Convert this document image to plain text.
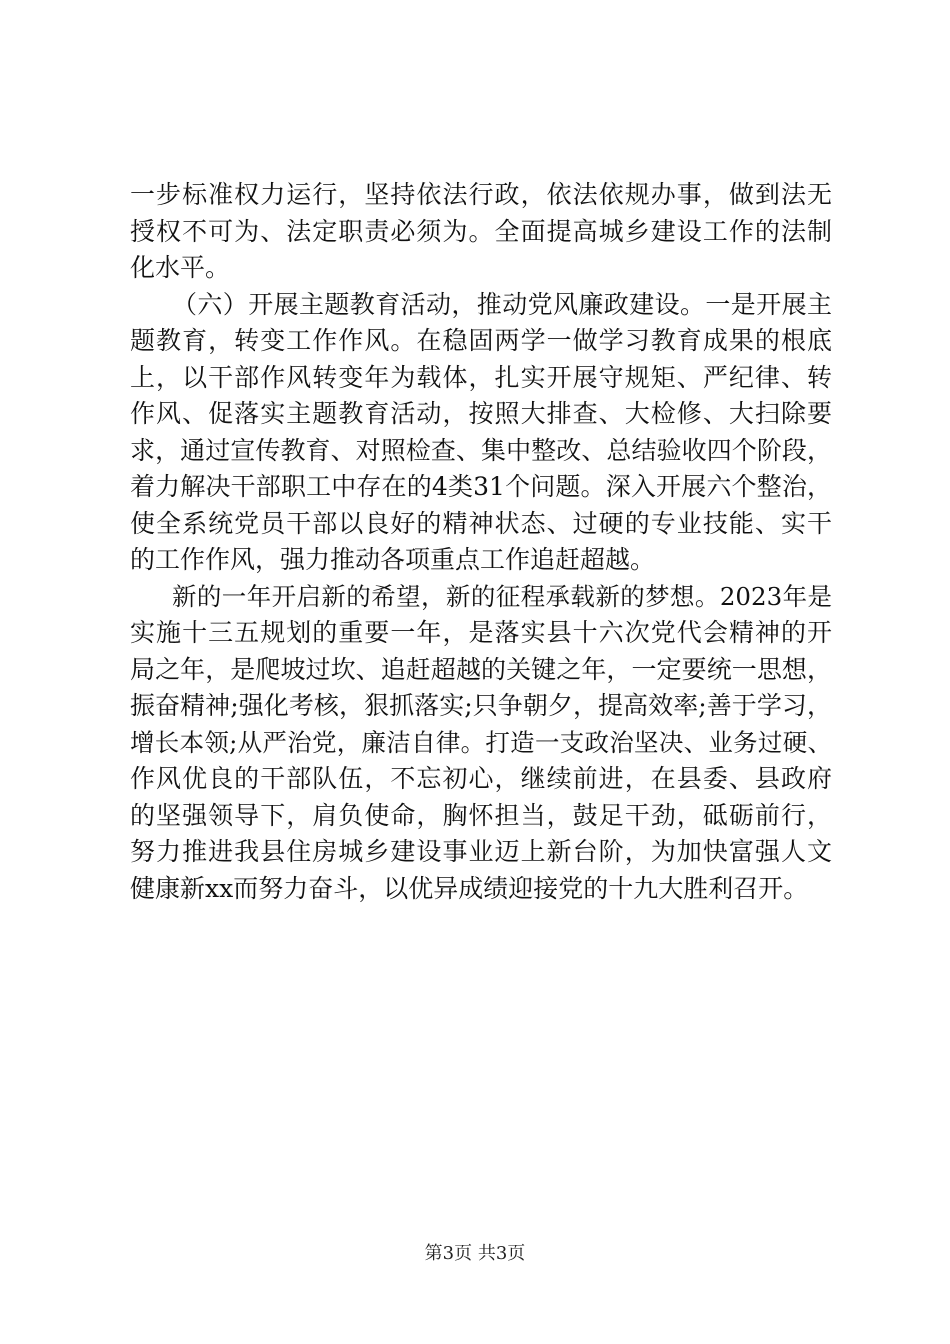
一步标准权力运行，坚持依法行政，依法依规办事，做到法无
授权不可为、法定职责必须为。全面提高城乡建设工作的法制
化水平。
（六）开展主题教育活动，推动党风廉政建设。一是开展主
题教育，转变工作作风。在稳固两学一做学习教育成果的根底
上，以干部作风转变年为载体，扎实开展守规矩、严纪律、转
作风、促落实主题教育活动，按照大排查、大检修、大扫除要
求，通过宣传教育、对照检查、集中整改、总结验收四个阶段，
着力解决干部职工中存在的4类31个问题。深入开展六个整治，
使全系统党员干部以良好的精神状态、过硬的专业技能、实干
的工作作风，强力推动各项重点工作追赶超越。
新的一年开启新的希望，新的征程承载新的梦想。2023年是
实施十三五规划的重要一年，是落实县十六次党代会精神的开
局之年，是爬坡过坎、追赶超越的关键之年，一定要统一思想，
振奋精神;强化考核，狠抓落实;只争朝夕，提高效率;善于学习，
增长本领;从严治党，廉洁自律。打造一支政治坚决、业务过硬、
作风优良的干部队伍，不忘初心，继续前进，在县委、县政府
的坚强领导下，肩负使命，胸怀担当，鼓足干劲，砥砺前行，
努力推进我县住房城乡建设事业迈上新台阶，为加快富强人文
健康新xx而努力奋斗，以优异成绩迎接党的十九大胜利召开。
第3页 共3页
